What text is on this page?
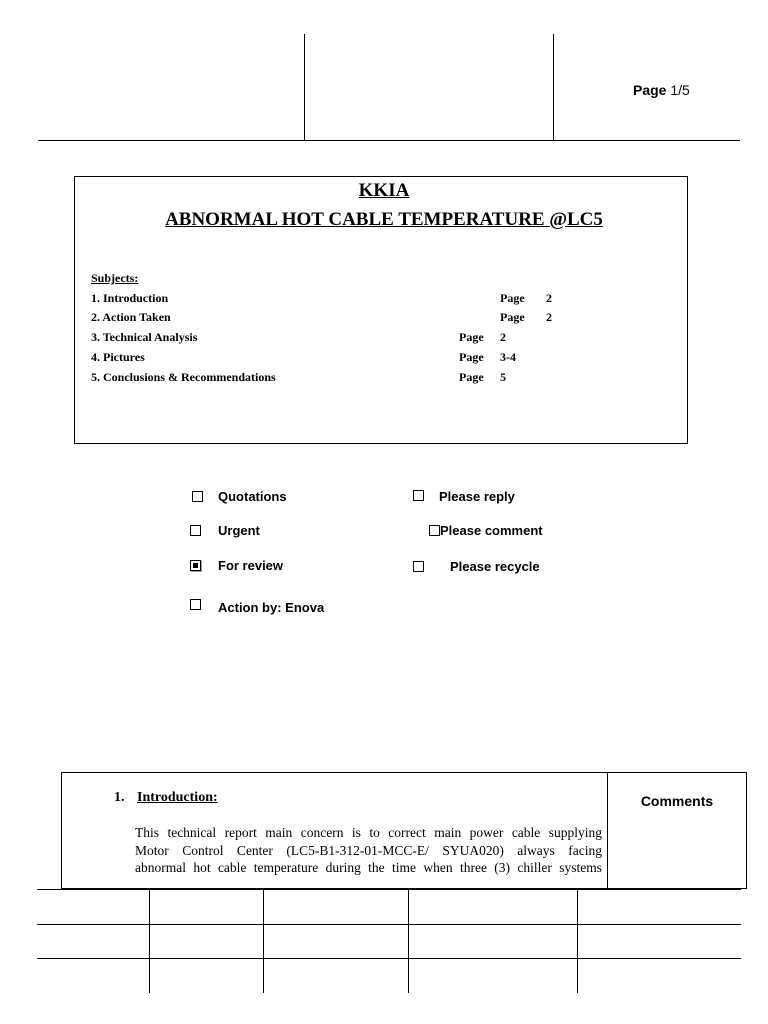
Page 1/5
KKIA
ABNORMAL HOT CABLE TEMPERATURE @LC5
Subjects:
1. Introduction	Page 2
2. Action Taken	Page 2
3. Technical Analysis	Page 2
4. Pictures	Page 3-4
5. Conclusions & Recommendations	Page 5
Quotations	Please reply
Urgent	Please comment
For review	Please recycle
Action by: Enova
1. Introduction:	Comments
This technical report main concern is to correct main power cable supplying
Motor Control Center (LC5-B1-312-01-MCC-E/ SYUA020) always facing
abnormal hot cable temperature during the time when three (3) chiller systems
